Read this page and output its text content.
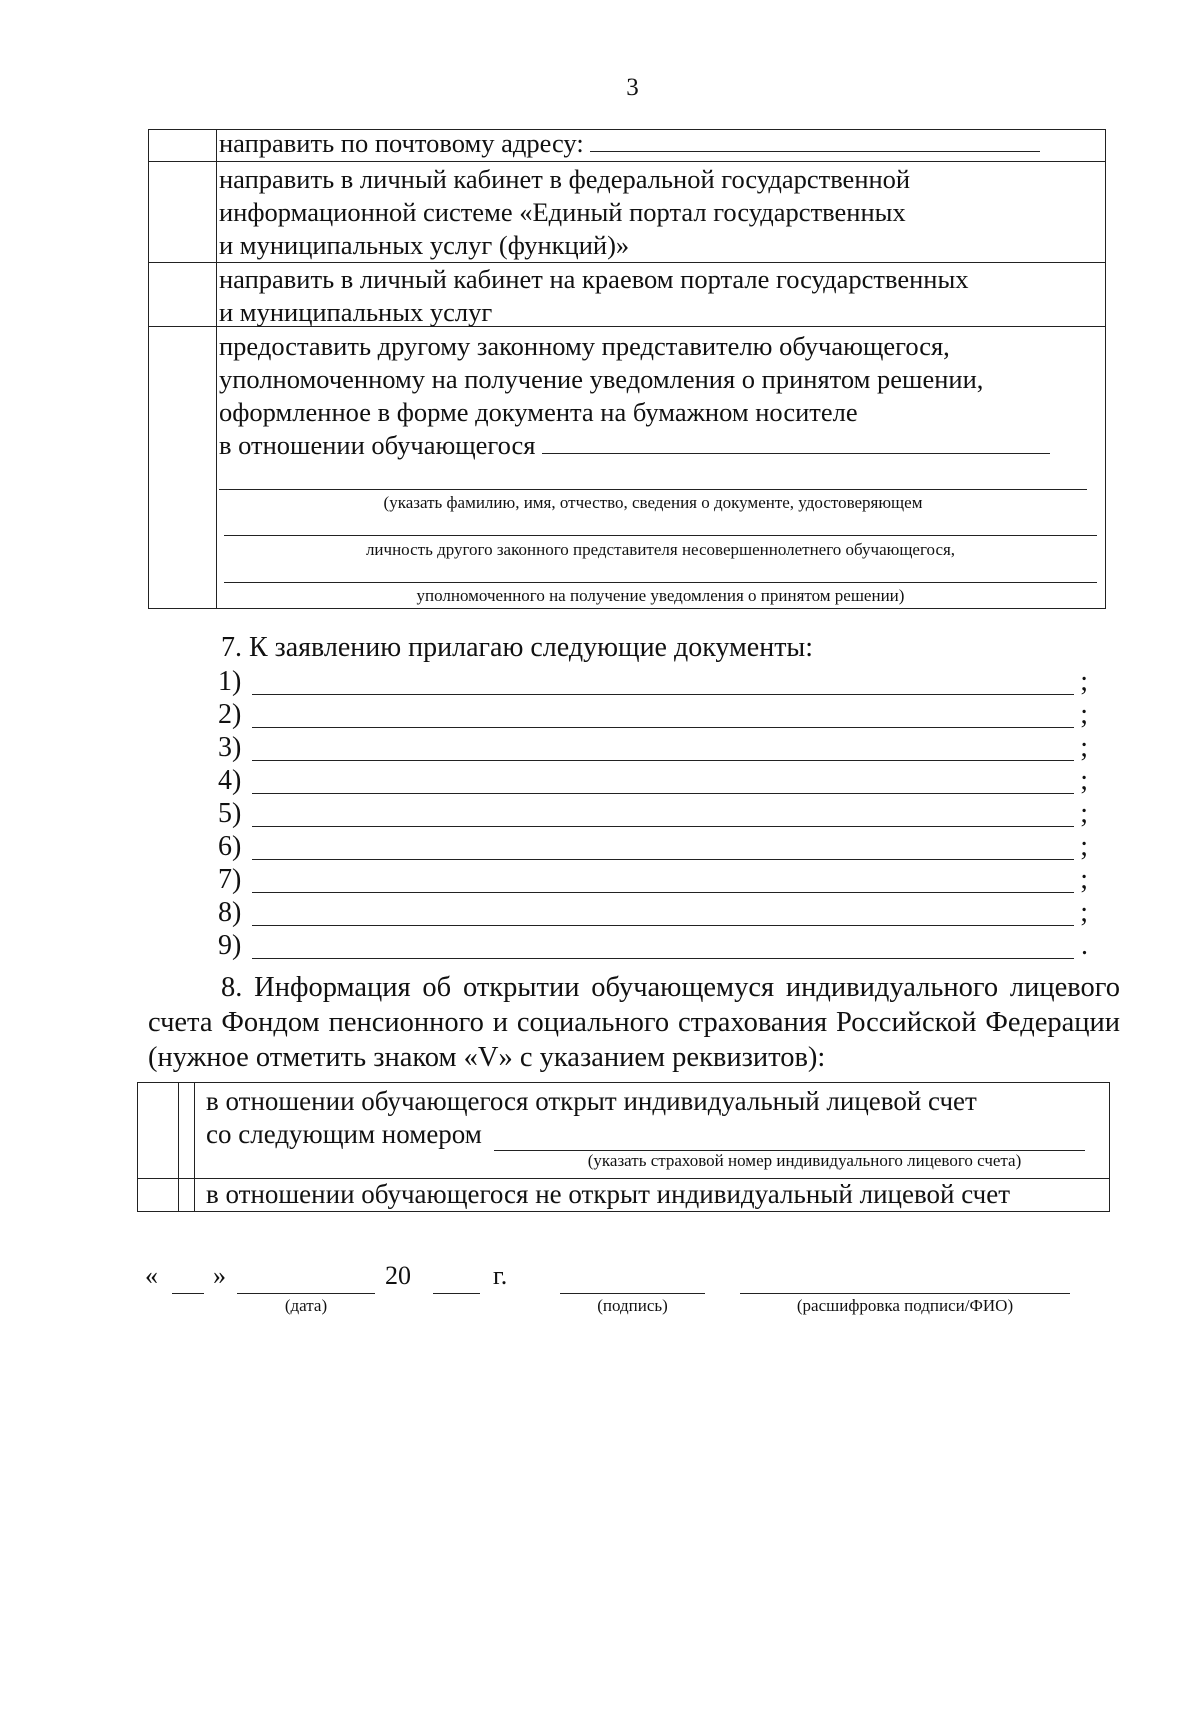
3
направить по почтовому адресу:
направить в личный кабинет в федеральной государственной
информационной системе «Единый портал государственных
и муниципальных услуг (функций)»
направить в личный кабинет на краевом портале государственных
и муниципальных услуг
предоставить другому законному представителю обучающегося,
уполномоченному на получение уведомления о принятом решении,
оформленное в форме документа на бумажном носителе
в отношении обучающегося
(указать фамилию, имя, отчество, сведения о документе, удостоверяющем
личность другого законного представителя несовершеннолетнего обучающегося,
уполномоченного на получение уведомления о принятом решении)
7. К заявлению прилагаю следующие документы:
1)	;
2)	;
3)	;
4)	;
5)	;
6)	;
7)	;
8)	;
9)	.
8. Информация об открытии обучающемуся индивидуального лицевого счета Фондом пенсионного и социального страхования Российской Федерации (нужное отметить знаком «V» с указанием реквизитов):
в отношении обучающегося открыт индивидуальный лицевой счет
со следующим номером
(указать страховой номер индивидуального лицевого счета)
в отношении обучающегося не открыт индивидуальный лицевой счет
« »
(дата)
20	г.
(подпись)	(расшифровка подписи/ФИО)
